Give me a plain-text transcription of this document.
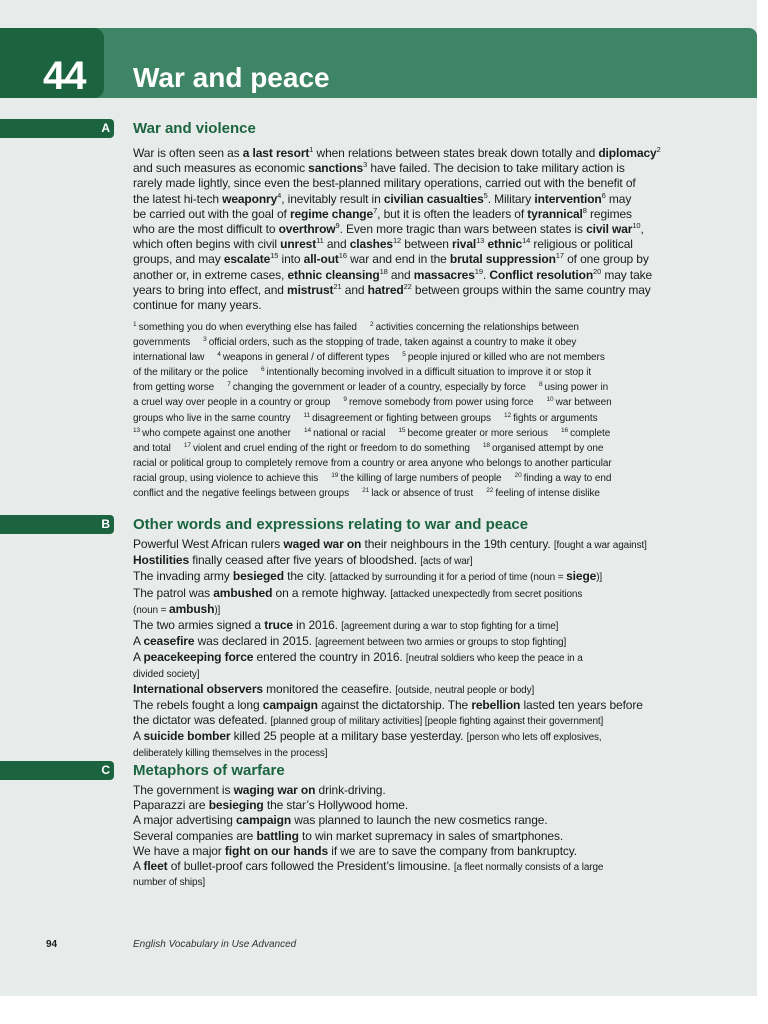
44 War and peace
A War and violence
War is often seen as a last resort$^1$ when relations between states break down totally and diplomacy$^2$
and such measures as economic sanctions$^3$ have failed. The decision to take military action is
rarely made lightly, since even the best-planned military operations, carried out with the benefit of
the latest hi-tech weaponry$^4$, inevitably result in civilian casualties$^5$. Military intervention$^6$ may
be carried out with the goal of regime change$^7$, but it is often the leaders of tyrannical$^8$ regimes
who are the most difficult to overthrow$^9$. Even more tragic than wars between states is civil war$^{10}$,
which often begins with civil unrest$^{11}$ and clashes$^{12}$ between rival$^{13}$ ethnic$^{14}$ religious or political
groups, and may escalate$^{15}$ into all-out$^{16}$ war and end in the brutal suppression$^{17}$ of one group by
another or, in extreme cases, ethnic cleansing$^{18}$ and massacres$^{19}$. Conflict resolution$^{20}$ may take
years to bring into effect, and mistrust$^{21}$ and hatred$^{22}$ between groups within the same country may
continue for many years.
$^1$ something you do when everything else has failed $^2$ activities concerning the relationships between
governments $^3$ official orders, such as the stopping of trade, taken against a country to make it obey
international law $^4$ weapons in general / of different types $^5$ people injured or killed who are not members
of the military or the police $^6$ intentionally becoming involved in a difficult situation to improve it or stop it
from getting worse $^7$ changing the government or leader of a country, especially by force $^8$ using power in
a cruel way over people in a country or group $^9$ remove somebody from power using force $^{10}$ war between
groups who live in the same country $^{11}$ disagreement or fighting between groups $^{12}$ fights or arguments
$^{13}$ who compete against one another $^{14}$ national or racial $^{15}$ become greater or more serious $^{16}$ complete
and total $^{17}$ violent and cruel ending of the right or freedom to do something $^{18}$ organised attempt by one
racial or political group to completely remove from a country or area anyone who belongs to another particular
racial group, using violence to achieve this $^{19}$ the killing of large numbers of people $^{20}$ finding a way to end
conflict and the negative feelings between groups $^{21}$ lack or absence of trust $^{22}$ feeling of intense dislike
B Other words and expressions relating to war and peace
Powerful West African rulers waged war on their neighbours in the 19th century. [fought a war against]
Hostilities finally ceased after five years of bloodshed. [acts of war]
The invading army besieged the city. [attacked by surrounding it for a period of time (noun = siege)]
The patrol was ambushed on a remote highway. [attacked unexpectedly from secret positions
(noun = ambush)]
The two armies signed a truce in 2016. [agreement during a war to stop fighting for a time]
A ceasefire was declared in 2015. [agreement between two armies or groups to stop fighting]
A peacekeeping force entered the country in 2016. [neutral soldiers who keep the peace in a
divided society]
International observers monitored the ceasefire. [outside, neutral people or body]
The rebels fought a long campaign against the dictatorship. The rebellion lasted ten years before
the dictator was defeated. [planned group of military activities] [people fighting against their government]
A suicide bomber killed 25 people at a military base yesterday. [person who lets off explosives,
deliberately killing themselves in the process]
C Metaphors of warfare
The government is waging war on drink-driving.
Paparazzi are besieging the star’s Hollywood home.
A major advertising campaign was planned to launch the new cosmetics range.
Several companies are battling to win market supremacy in sales of smartphones.
We have a major fight on our hands if we are to save the company from bankruptcy.
A fleet of bullet-proof cars followed the President’s limousine. [a fleet normally consists of a large
number of ships]
94	English Vocabulary in Use Advanced
